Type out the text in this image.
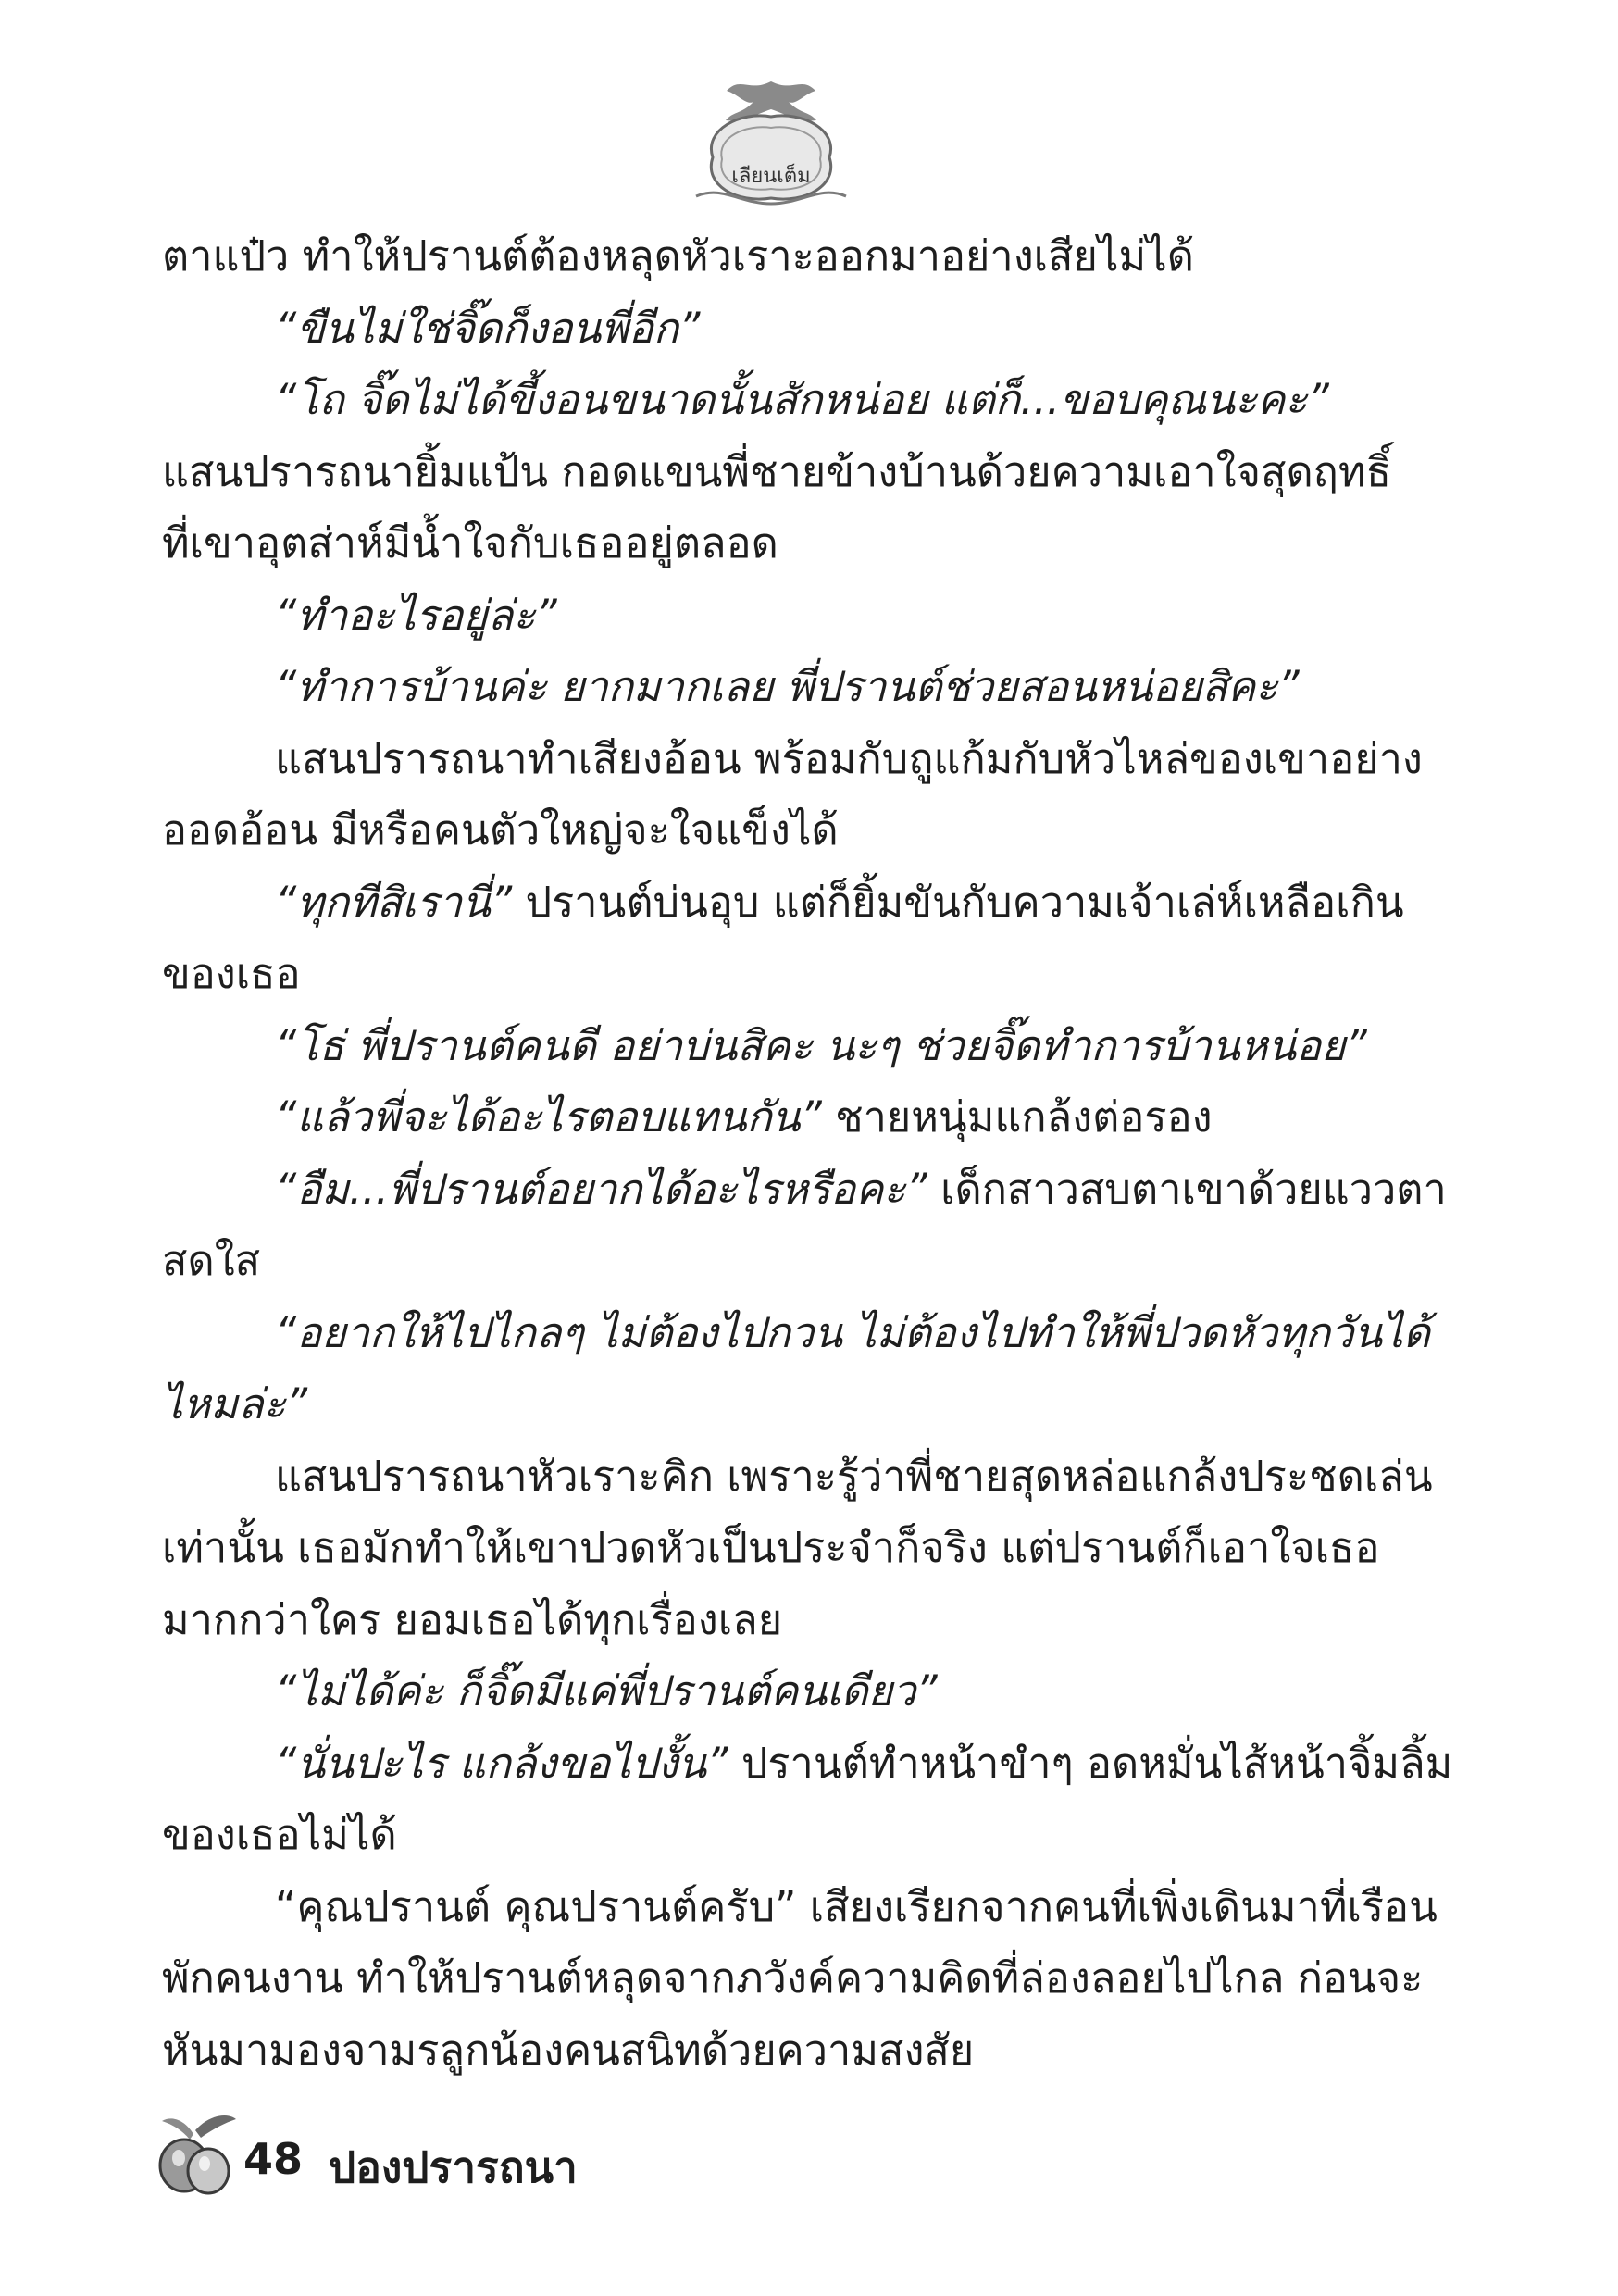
เลียนเต็ม

ตาแป๋ว ทำให้ปรานต์ต้องหลุดหัวเราะออกมาอย่างเสียไม่ได้

“ขืนไม่ใช่จิ๊ดก็งอนพี่อีก”

“โถ จิ๊ดไม่ได้ขี้งอนขนาดนั้นสักหน่อย แต่ก็...ขอบคุณนะคะ”

แสนปรารถนายิ้มแป้น กอดแขนพี่ชายข้างบ้านด้วยความเอาใจสุดฤทธิ์

ที่เขาอุตส่าห์มีน้ำใจกับเธออยู่ตลอด

“ทำอะไรอยู่ล่ะ”

“ทำการบ้านค่ะ ยากมากเลย พี่ปรานต์ช่วยสอนหน่อยสิคะ”

แสนปรารถนาทำเสียงอ้อน พร้อมกับถูแก้มกับหัวไหล่ของเขาอย่าง

ออดอ้อน มีหรือคนตัวใหญ่จะใจแข็งได้

“ทุกทีสิเรานี่” ปรานต์บ่นอุบ แต่ก็ยิ้มขันกับความเจ้าเล่ห์เหลือเกิน

ของเธอ

“โธ่ พี่ปรานต์คนดี อย่าบ่นสิคะ นะๆ ช่วยจิ๊ดทำการบ้านหน่อย”

“แล้วพี่จะได้อะไรตอบแทนกัน” ชายหนุ่มแกล้งต่อรอง

“อืม...พี่ปรานต์อยากได้อะไรหรือคะ” เด็กสาวสบตาเขาด้วยแววตา

สดใส

“อยากให้ไปไกลๆ ไม่ต้องไปกวน ไม่ต้องไปทำให้พี่ปวดหัวทุกวันได้

ไหมล่ะ”

แสนปรารถนาหัวเราะคิก เพราะรู้ว่าพี่ชายสุดหล่อแกล้งประชดเล่น

เท่านั้น เธอมักทำให้เขาปวดหัวเป็นประจำก็จริง แต่ปรานต์ก็เอาใจเธอ

มากกว่าใคร ยอมเธอได้ทุกเรื่องเลย

“ไม่ได้ค่ะ ก็จิ๊ดมีแค่พี่ปรานต์คนเดียว”

“นั่นปะไร แกล้งขอไปงั้น” ปรานต์ทำหน้าขำๆ อดหมั่นไส้หน้าจิ้มลิ้ม

ของเธอไม่ได้

“คุณปรานต์ คุณปรานต์ครับ” เสียงเรียกจากคนที่เพิ่งเดินมาที่เรือน

พักคนงาน ทำให้ปรานต์หลุดจากภวังค์ความคิดที่ล่องลอยไปไกล ก่อนจะ

หันมามองจามรลูกน้องคนสนิทด้วยความสงสัย

48 ปองปรารถนา
